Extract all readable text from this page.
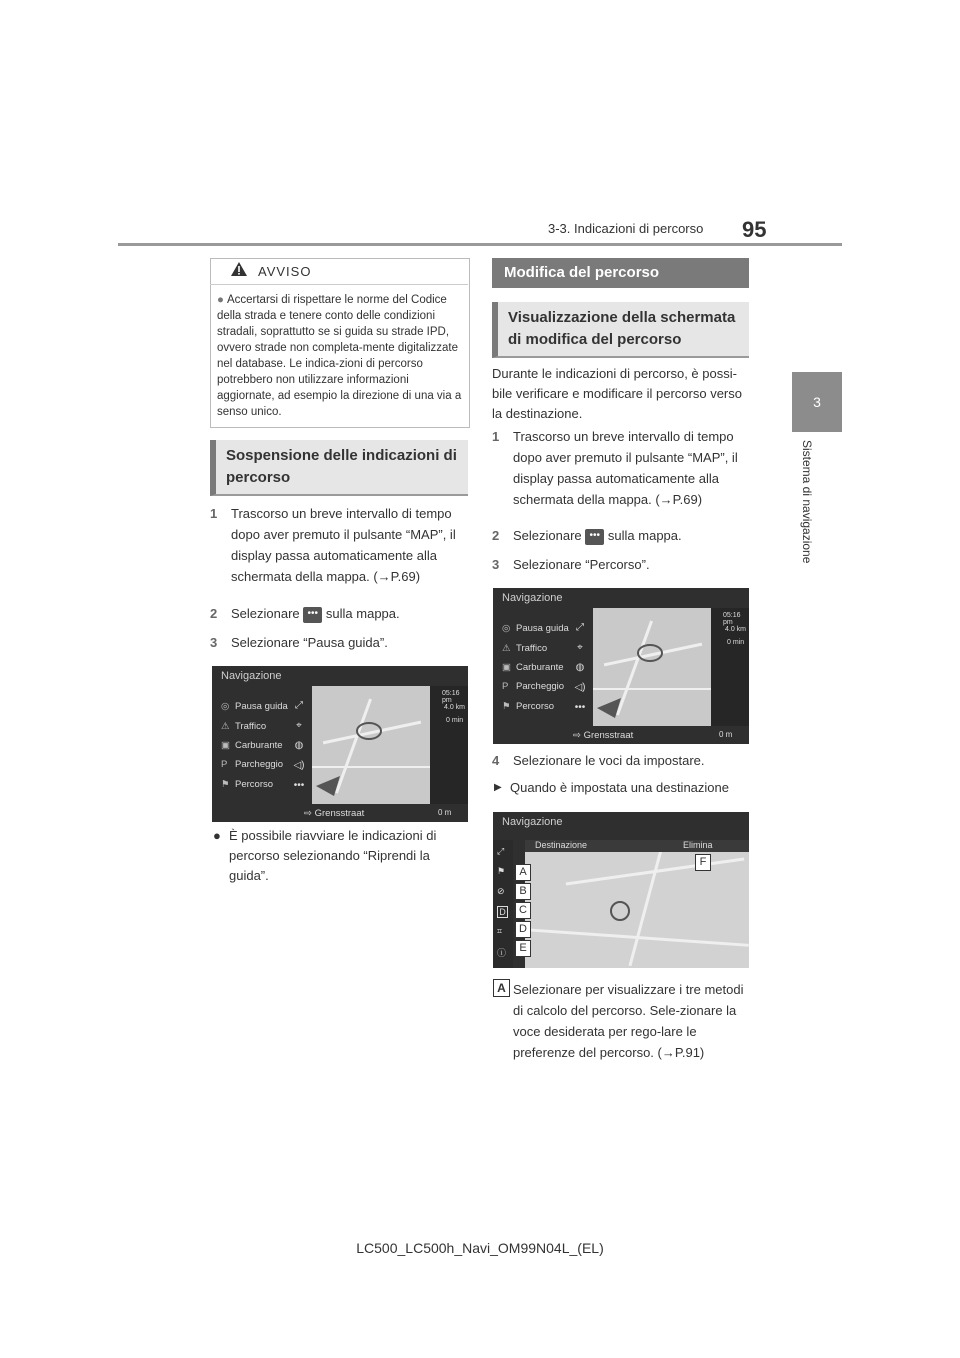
3-3. Indicazioni di percorso 95
3
Sistema di navigazione
AVVISO
● Accertarsi di rispettare le norme del Codice della strada e tenere conto delle condizioni stradali, soprattutto se si guida su strade IPD, ovvero strade non completa-mente digitalizzate nel database. Le indica-zioni di percorso potrebbero non utilizzare informazioni aggiornate, ad esempio la direzione di una via a senso unico.
Sospensione delle indicazioni di percorso
1 Trascorso un breve intervallo di tempo dopo aver premuto il pulsante “MAP”, il display passa automaticamente alla schermata della mappa. (→P.69)
2 Selezionare ••• sulla mappa.
3 Selezionare “Pausa guida”.
Navigazione
◎ Pausa guida
⚠ Traffico
▣ Carburante
P Parcheggio
⚑ Percorso
⤢
⌖
◍
◁)
•••
05:16 pm
4.0 km
0 min
⇨ Grensstraat	0 m
● È possibile riavviare le indicazioni di percorso selezionando “Riprendi la guida”.
Modifica del percorso
Visualizzazione della schermata di modifica del percorso
Durante le indicazioni di percorso, è possi-bile verificare e modificare il percorso verso la destinazione.
1 Trascorso un breve intervallo di tempo dopo aver premuto il pulsante “MAP”, il display passa automaticamente alla schermata della mappa. (→P.69)
2 Selezionare ••• sulla mappa.
3 Selezionare “Percorso”.
Navigazione
◎ Pausa guida
⚠ Traffico
▣ Carburante
P Parcheggio
⚑ Percorso
⤢
⌖
◍
◁)
•••
05:16 pm
4.0 km
0 min
⇨ Grensstraat	0 m
4 Selezionare le voci da impostare.
▶ Quando è impostata una destinazione
Navigazione
Destinazione	Elimina
⤢
⚑
⊘
D
⌗
ⓘ
A
B
C
D
E
F
A Selezionare per visualizzare i tre metodi di calcolo del percorso. Sele-zionare la voce desiderata per rego-lare le preferenze del percorso. (→P.91)
LC500_LC500h_Navi_OM99N04L_(EL)
